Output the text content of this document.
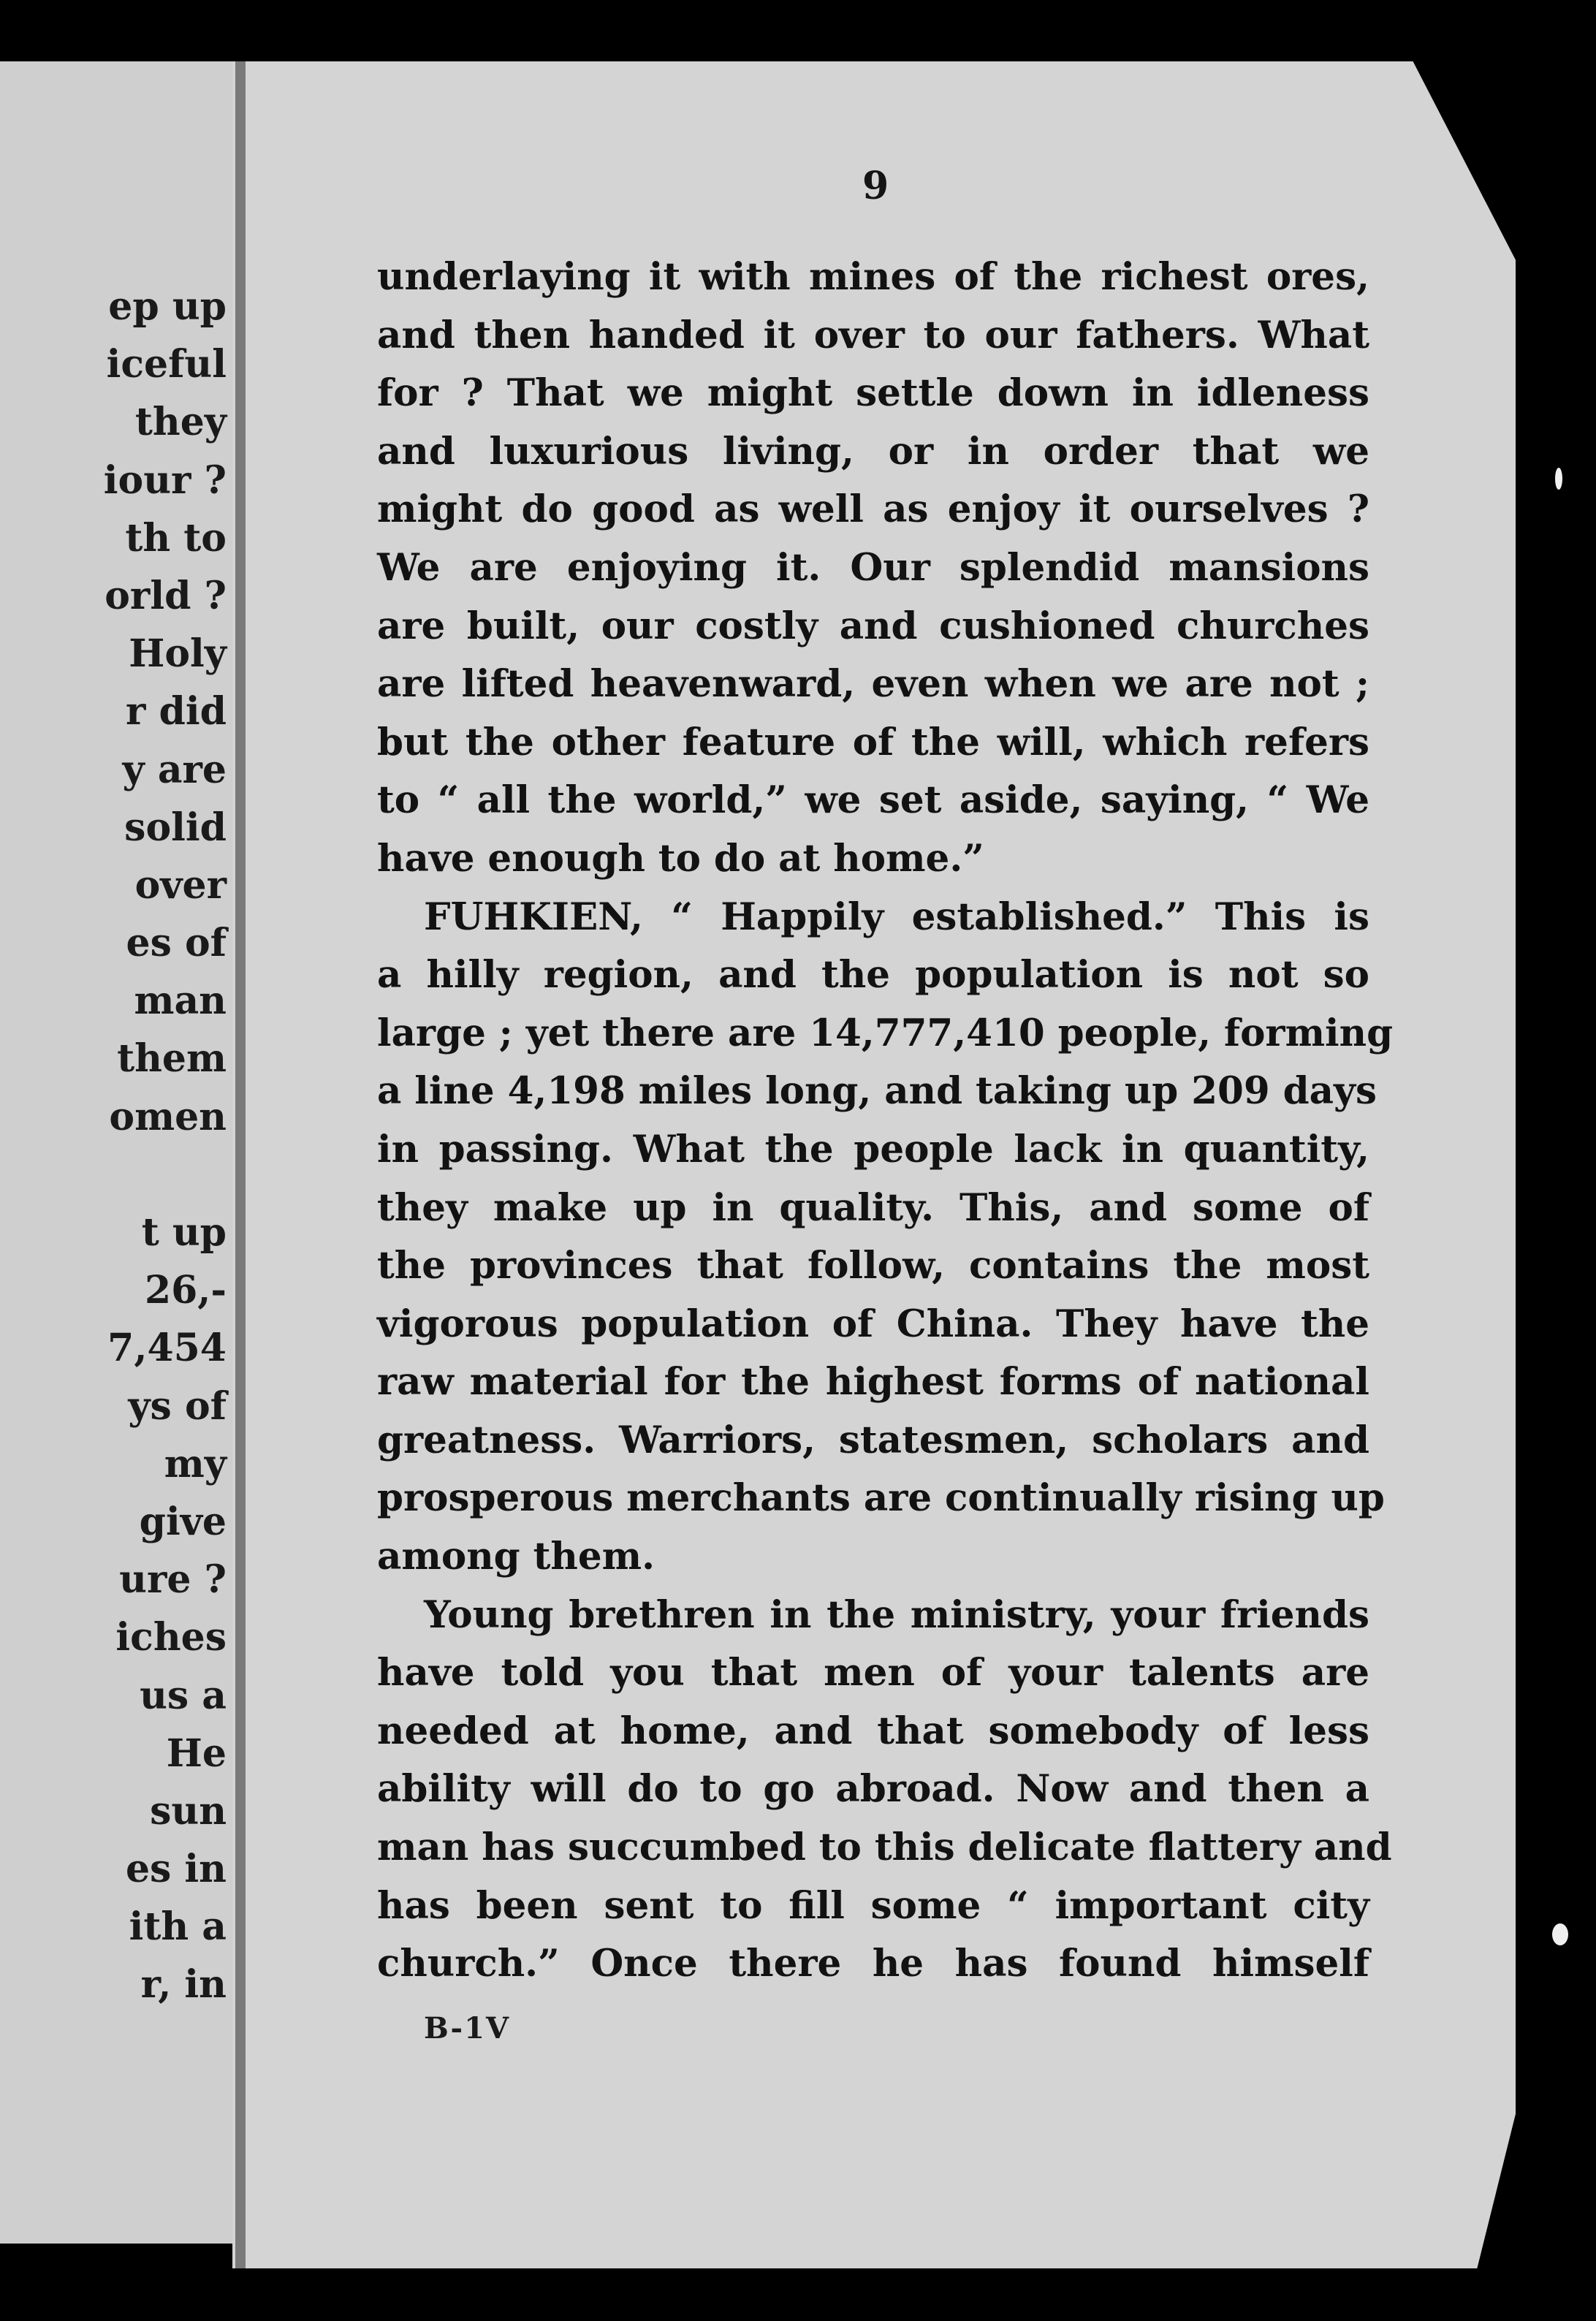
ep up
iceful
they
iour ?
th to
orld ?
Holy
r did
y are
solid
over
es of
man
them
omen
t up
26,-
7,454
ys of
my
give
ure ?
iches
us a
He
sun
es in
ith a
r, in
9
underlaying it with mines of the richest ores,
and then handed it over to our fathers. What
for ? That we might settle down in idleness
and luxurious living, or in order that we
might do good as well as enjoy it ourselves ?
We are enjoying it. Our splendid mansions
are built, our costly and cushioned churches
are lifted heavenward, even when we are not ;
but the other feature of the will, which refers
to “ all the world,” we set aside, saying, “ We
have enough to do at home.”
FUHKIEN, “ Happily established.” This is
a hilly region, and the population is not so
large ; yet there are 14,777,410 people, forming
a line 4,198 miles long, and taking up 209 days
in passing. What the people lack in quantity,
they make up in quality. This, and some of
the provinces that follow, contains the most
vigorous population of China. They have the
raw material for the highest forms of national
greatness. Warriors, statesmen, scholars and
prosperous merchants are continually rising up
among them.
Young brethren in the ministry, your friends
have told you that men of your talents are
needed at home, and that somebody of less
ability will do to go abroad. Now and then a
man has succumbed to this delicate flattery and
has been sent to fill some “ important city
church.” Once there he has found himself
B-1V
